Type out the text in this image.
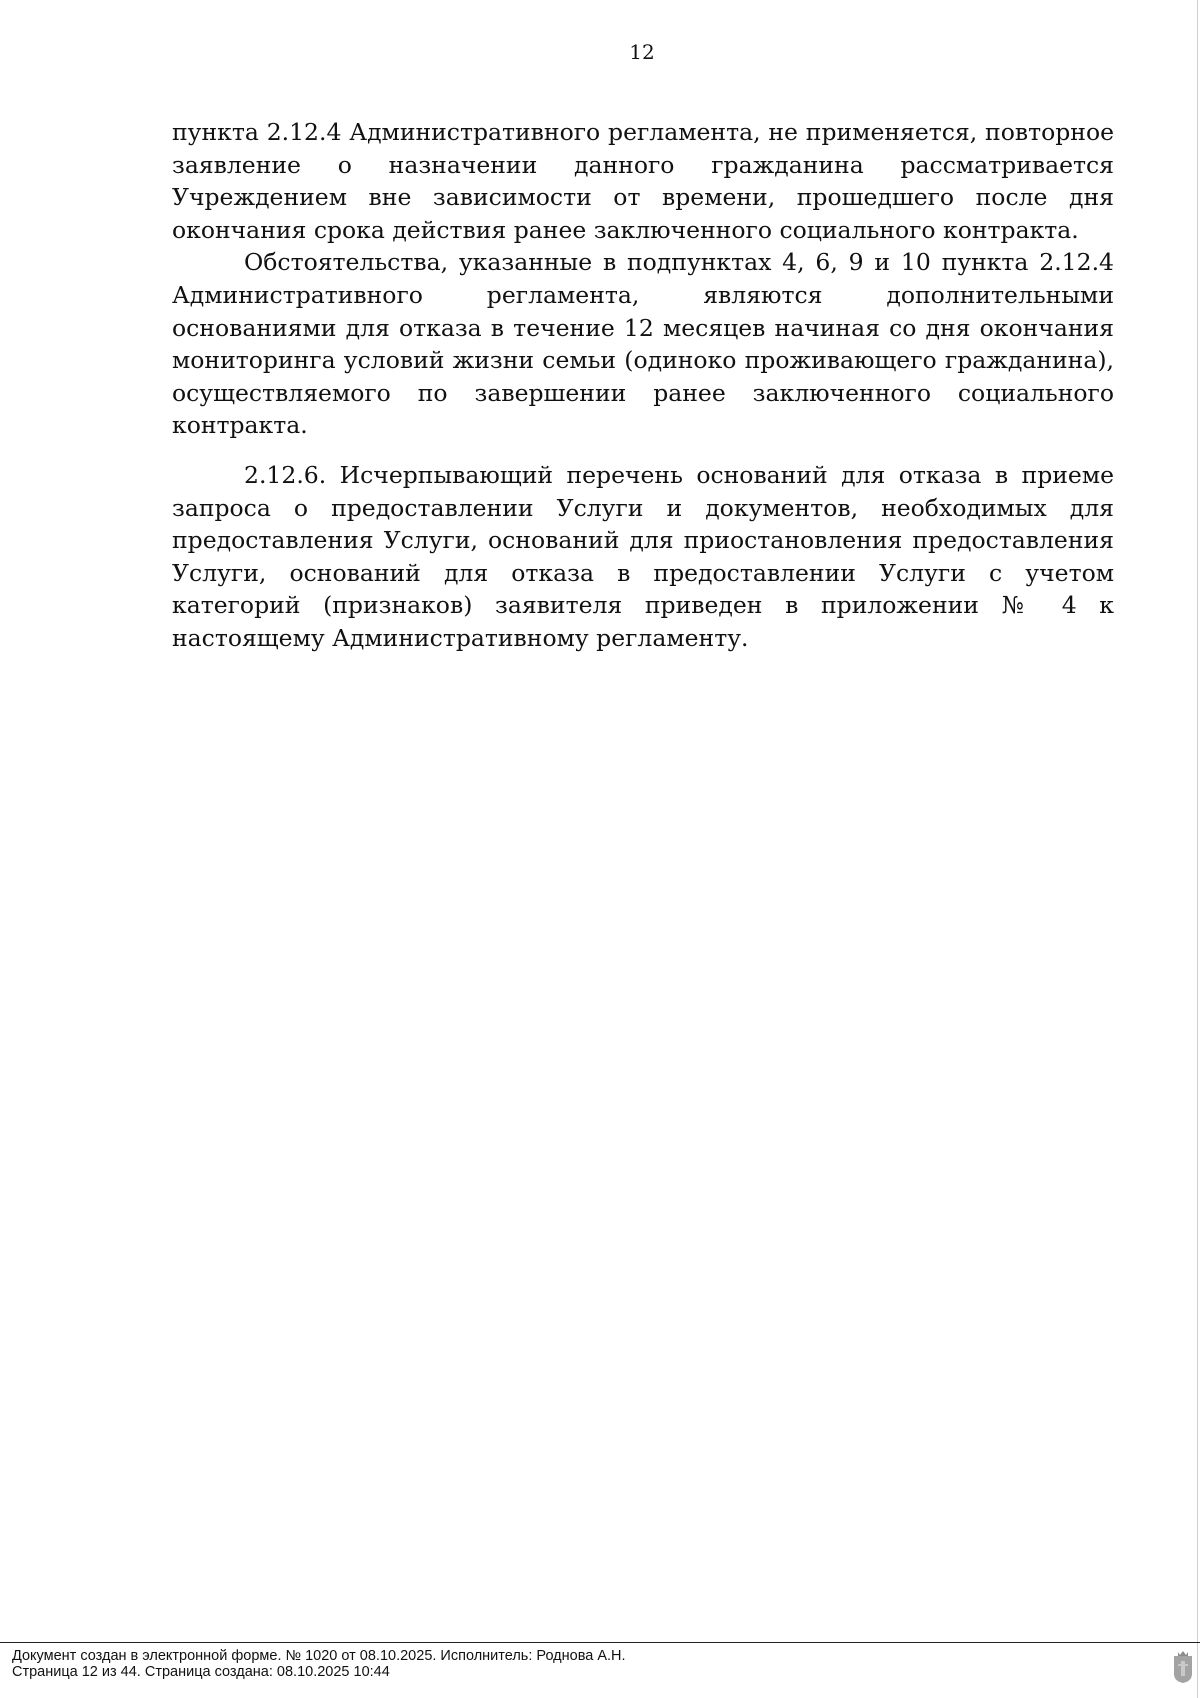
12

пункта 2.12.4 Административного регламента, не применяется, повторное заявление о назначении данного гражданина рассматривается Учреждением вне зависимости от времени, прошедшего после дня окончания срока действия ранее заключенного социального контракта.

Обстоятельства, указанные в подпунктах 4, 6, 9 и 10 пункта 2.12.4 Административного регламента, являются дополнительными основаниями для отказа в течение 12 месяцев начиная со дня окончания мониторинга условий жизни семьи (одиноко проживающего гражданина), осуществляемого по завершении ранее заключенного социального контракта.

2.12.6. Исчерпывающий перечень оснований для отказа в приеме запроса о предоставлении Услуги и документов, необходимых для предоставления Услуги, оснований для приостановления предоставления Услуги, оснований для отказа в предоставлении Услуги с учетом категорий (признаков) заявителя приведен в приложении № 4 к настоящему Административному регламенту.

Документ создан в электронной форме. № 1020 от 08.10.2025. Исполнитель: Роднова А.Н.
Страница 12 из 44. Страница создана: 08.10.2025 10:44
